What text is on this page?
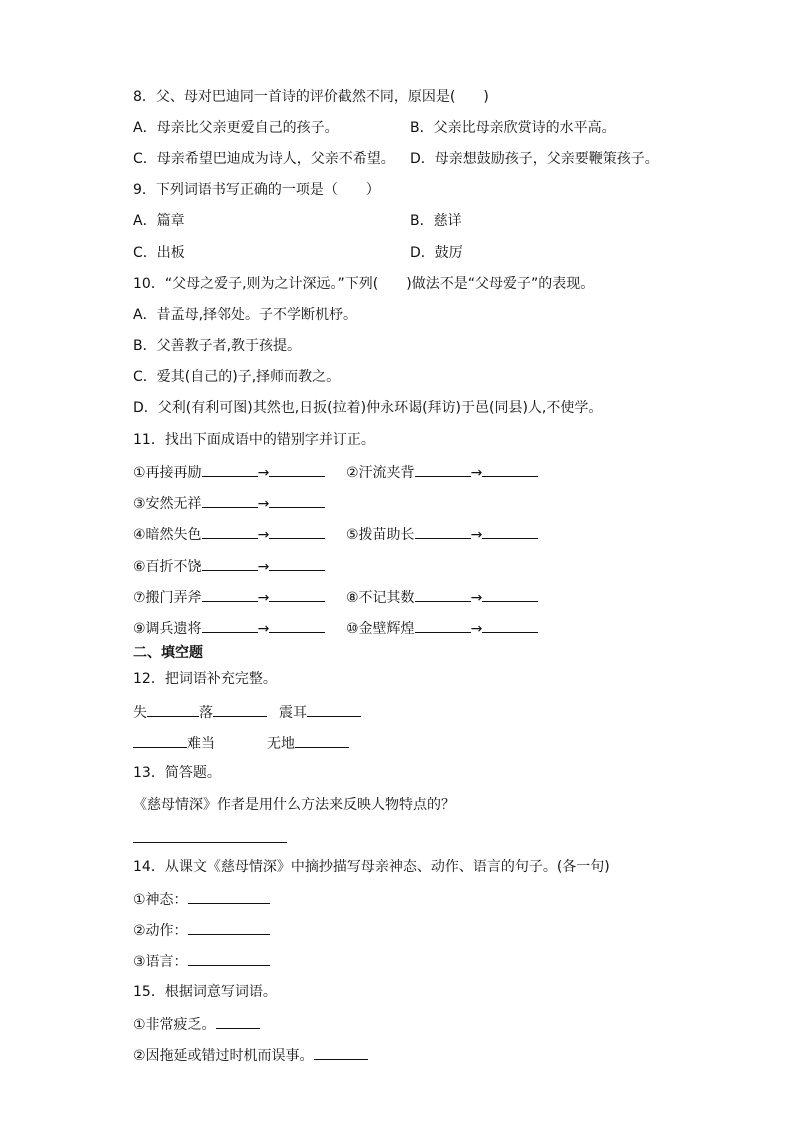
8．父、母对巴迪同一首诗的评价截然不同，原因是(　　)
A．母亲比父亲更爱自己的孩子。	B．父亲比母亲欣赏诗的水平高。
C．母亲希望巴迪成为诗人，父亲不希望。 D．母亲想鼓励孩子，父亲要鞭策孩子。
9．下列词语书写正确的一项是（　　）
A．篇章	B．慈详
C．出板	D．鼓厉
10．“父母之爱子,则为之计深远。”下列(　　)做法不是“父母爱子”的表现。
A．昔孟母,择邻处。子不学断机杼。
B．父善教子者,教于孩提。
C．爱其(自己的)子,择师而教之。
D．父利(有利可图)其然也,日扳(拉着)仲永环谒(拜访)于邑(同县)人,不使学。
11．找出下面成语中的错别字并订正。
①再接再励	→	②汗流夹背	→
③安然无祥	→
④暗然失色	→	⑤拨苗助长	→
⑥百折不饶	→
⑦搬门弄斧	→	⑧不记其数	→
⑨调兵遗将	→	⑩金壁辉煌	→
二、填空题
12．把词语补充完整。
失	落	震耳
难当	无地
13．简答题。
《慈母情深》作者是用什么方法来反映人物特点的？
14．从课文《慈母情深》中摘抄描写母亲神态、动作、语言的句子。(各一句)
①神态：
②动作：
③语言：
15．根据词意写词语。
①非常疲乏。
②因拖延或错过时机而误事。
